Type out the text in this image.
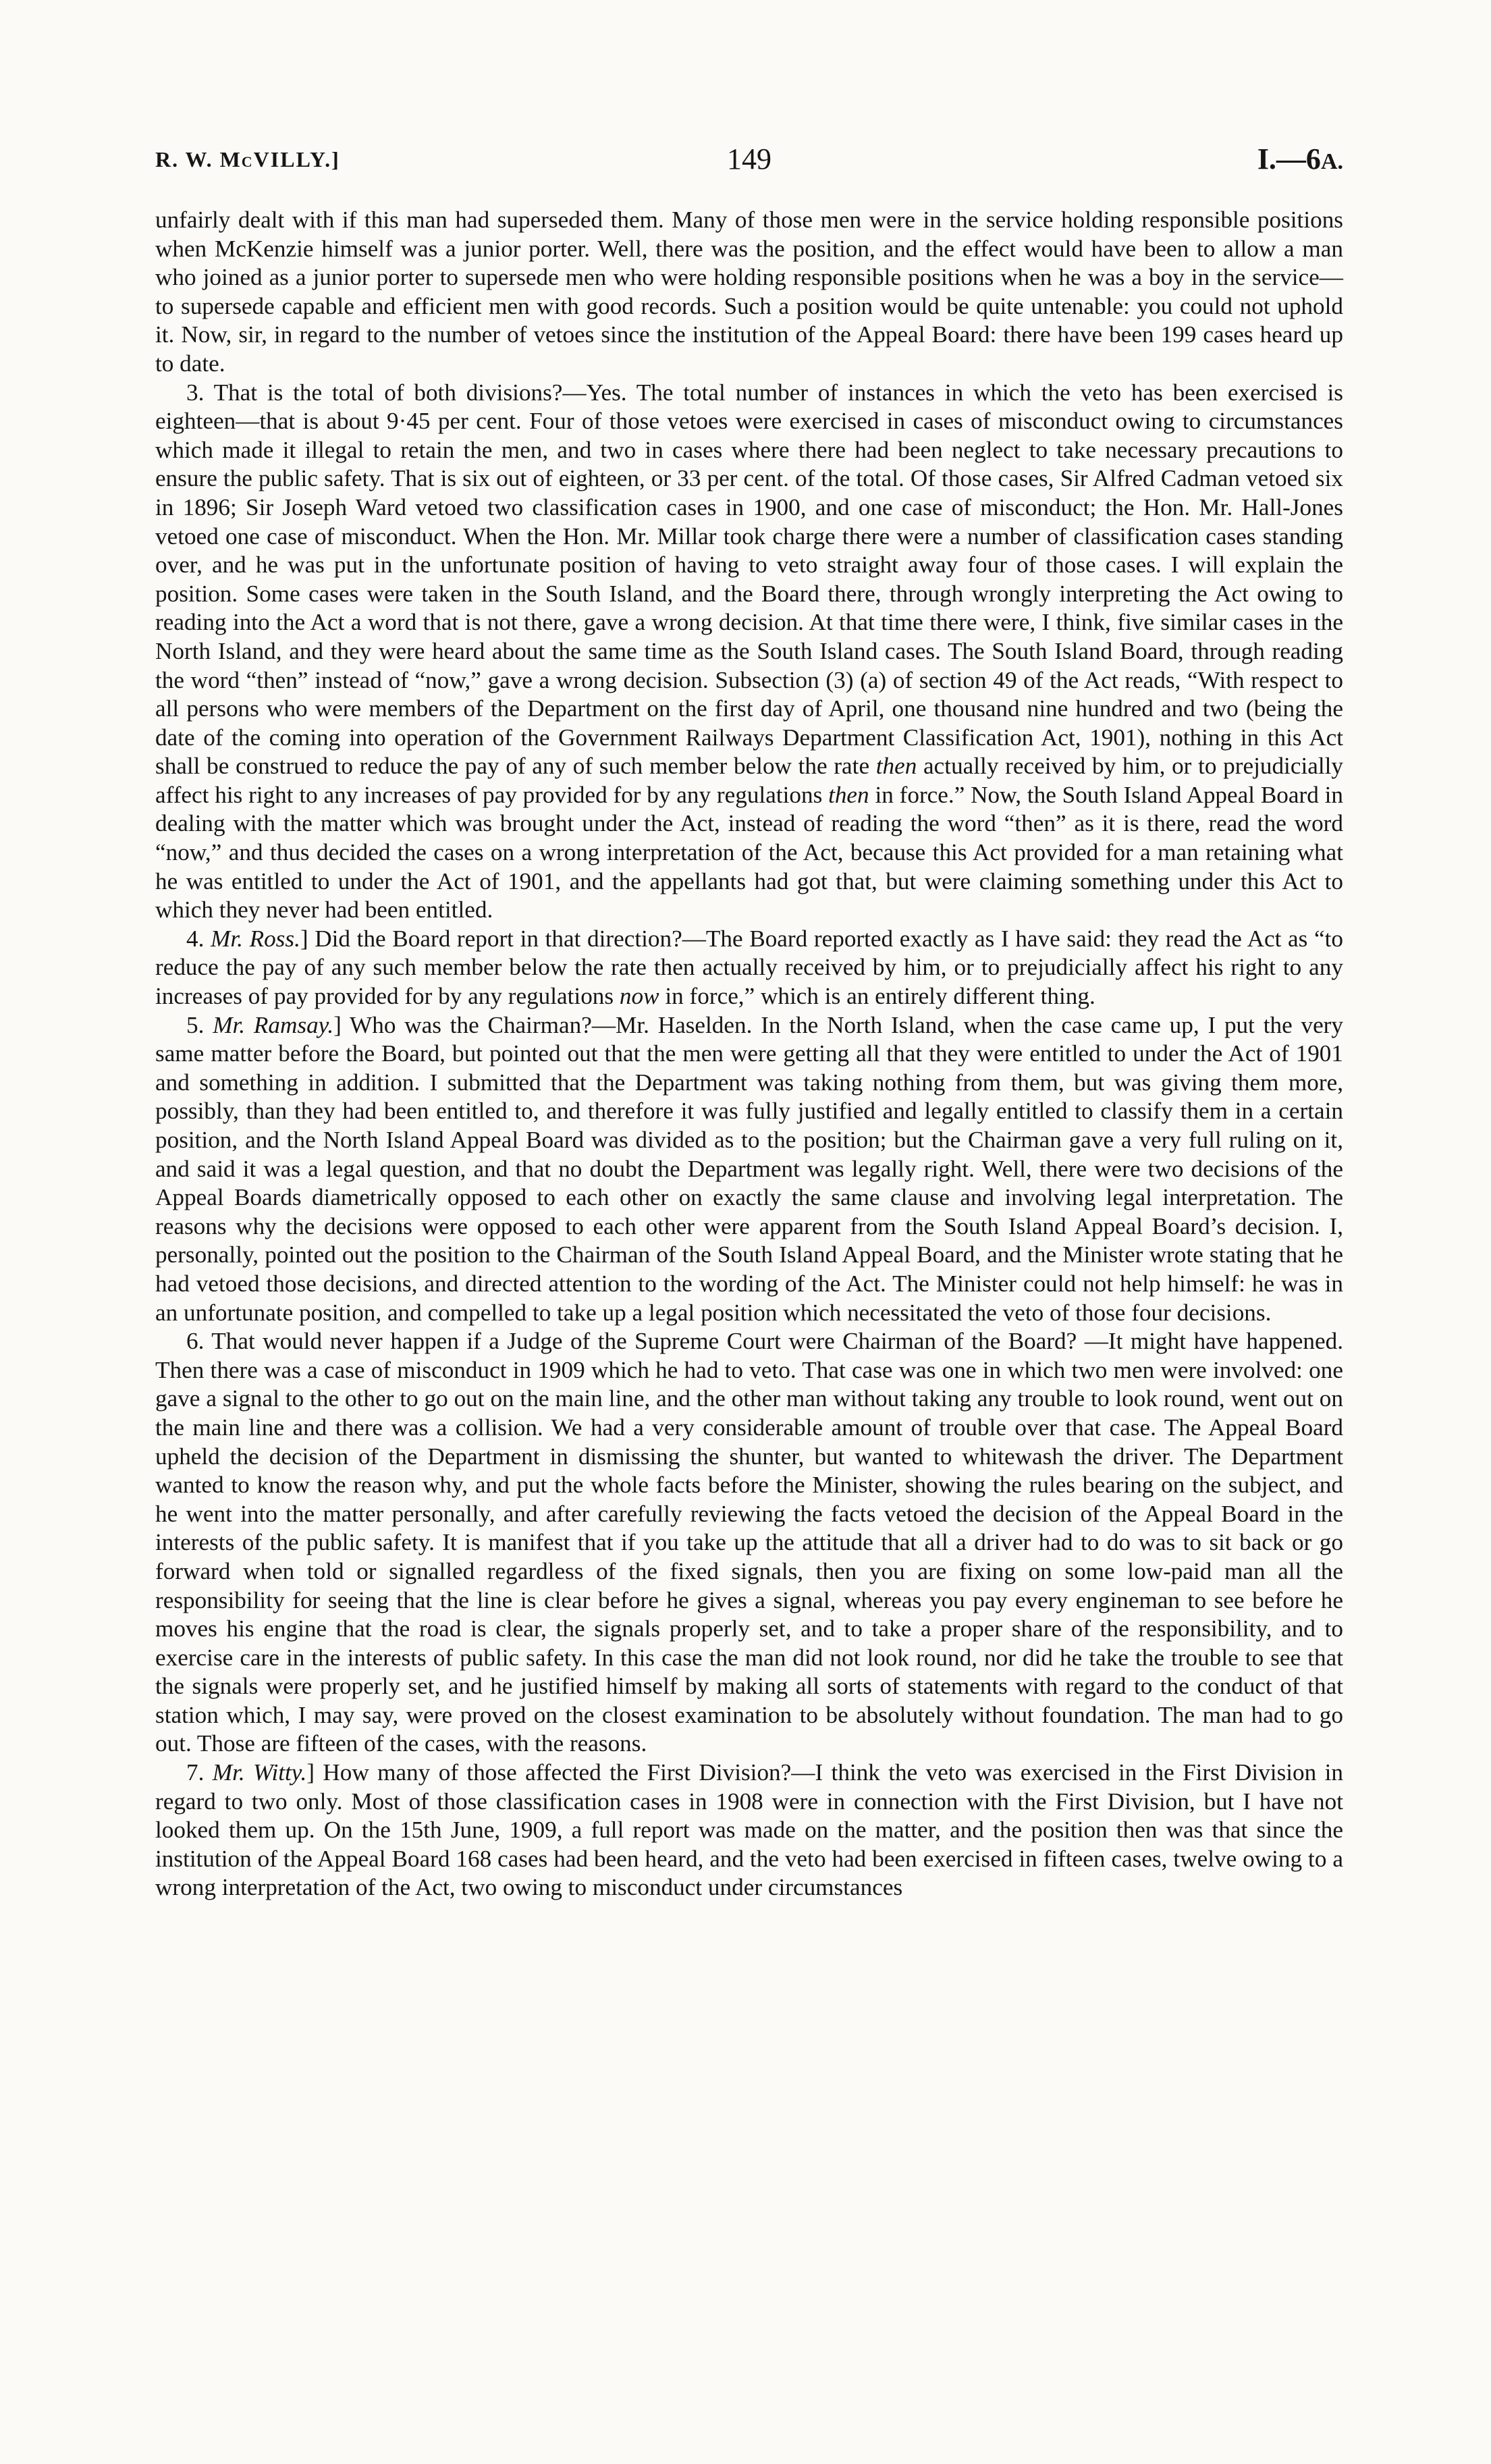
R. W. McVILLY.]	149	I.—6A.

unfairly dealt with if this man had superseded them. Many of those men were in the service holding responsible positions when McKenzie himself was a junior porter. Well, there was the position, and the effect would have been to allow a man who joined as a junior porter to supersede men who were holding responsible positions when he was a boy in the service—to supersede capable and efficient men with good records. Such a position would be quite untenable: you could not uphold it. Now, sir, in regard to the number of vetoes since the institution of the Appeal Board: there have been 199 cases heard up to date.

3. That is the total of both divisions?—Yes. The total number of instances in which the veto has been exercised is eighteen—that is about 9·45 per cent. Four of those vetoes were exercised in cases of misconduct owing to circumstances which made it illegal to retain the men, and two in cases where there had been neglect to take necessary precautions to ensure the public safety. That is six out of eighteen, or 33 per cent. of the total. Of those cases, Sir Alfred Cadman vetoed six in 1896; Sir Joseph Ward vetoed two classification cases in 1900, and one case of misconduct; the Hon. Mr. Hall-Jones vetoed one case of misconduct. When the Hon. Mr. Millar took charge there were a number of classification cases standing over, and he was put in the unfortunate position of having to veto straight away four of those cases. I will explain the position. Some cases were taken in the South Island, and the Board there, through wrongly interpreting the Act owing to reading into the Act a word that is not there, gave a wrong decision. At that time there were, I think, five similar cases in the North Island, and they were heard about the same time as the South Island cases. The South Island Board, through reading the word “then” instead of “now,” gave a wrong decision. Subsection (3) (a) of section 49 of the Act reads, “With respect to all persons who were members of the Department on the first day of April, one thousand nine hundred and two (being the date of the coming into operation of the Government Railways Department Classification Act, 1901), nothing in this Act shall be construed to reduce the pay of any of such member below the rate then actually received by him, or to prejudicially affect his right to any increases of pay provided for by any regulations then in force.” Now, the South Island Appeal Board in dealing with the matter which was brought under the Act, instead of reading the word “then” as it is there, read the word “now,” and thus decided the cases on a wrong interpretation of the Act, because this Act provided for a man retaining what he was entitled to under the Act of 1901, and the appellants had got that, but were claiming something under this Act to which they never had been entitled.

4. Mr. Ross.] Did the Board report in that direction?—The Board reported exactly as I have said: they read the Act as “to reduce the pay of any such member below the rate then actually received by him, or to prejudicially affect his right to any increases of pay provided for by any regulations now in force,” which is an entirely different thing.

5. Mr. Ramsay.] Who was the Chairman?—Mr. Haselden. In the North Island, when the case came up, I put the very same matter before the Board, but pointed out that the men were getting all that they were entitled to under the Act of 1901 and something in addition. I submitted that the Department was taking nothing from them, but was giving them more, possibly, than they had been entitled to, and therefore it was fully justified and legally entitled to classify them in a certain position, and the North Island Appeal Board was divided as to the position; but the Chairman gave a very full ruling on it, and said it was a legal question, and that no doubt the Department was legally right. Well, there were two decisions of the Appeal Boards diametrically opposed to each other on exactly the same clause and involving legal interpretation. The reasons why the decisions were opposed to each other were apparent from the South Island Appeal Board’s decision. I, personally, pointed out the position to the Chairman of the South Island Appeal Board, and the Minister wrote stating that he had vetoed those decisions, and directed attention to the wording of the Act. The Minister could not help himself: he was in an unfortunate position, and compelled to take up a legal position which necessitated the veto of those four decisions.

6. That would never happen if a Judge of the Supreme Court were Chairman of the Board? —It might have happened. Then there was a case of misconduct in 1909 which he had to veto. That case was one in which two men were involved: one gave a signal to the other to go out on the main line, and the other man without taking any trouble to look round, went out on the main line and there was a collision. We had a very considerable amount of trouble over that case. The Appeal Board upheld the decision of the Department in dismissing the shunter, but wanted to whitewash the driver. The Department wanted to know the reason why, and put the whole facts before the Minister, showing the rules bearing on the subject, and he went into the matter personally, and after carefully reviewing the facts vetoed the decision of the Appeal Board in the interests of the public safety. It is manifest that if you take up the attitude that all a driver had to do was to sit back or go forward when told or signalled regardless of the fixed signals, then you are fixing on some low-paid man all the responsibility for seeing that the line is clear before he gives a signal, whereas you pay every engineman to see before he moves his engine that the road is clear, the signals properly set, and to take a proper share of the responsibility, and to exercise care in the interests of public safety. In this case the man did not look round, nor did he take the trouble to see that the signals were properly set, and he justified himself by making all sorts of statements with regard to the conduct of that station which, I may say, were proved on the closest examination to be absolutely without foundation. The man had to go out. Those are fifteen of the cases, with the reasons.

7. Mr. Witty.] How many of those affected the First Division?—I think the veto was exercised in the First Division in regard to two only. Most of those classification cases in 1908 were in connection with the First Division, but I have not looked them up. On the 15th June, 1909, a full report was made on the matter, and the position then was that since the institution of the Appeal Board 168 cases had been heard, and the veto had been exercised in fifteen cases, twelve owing to a wrong interpretation of the Act, two owing to misconduct under circumstances
